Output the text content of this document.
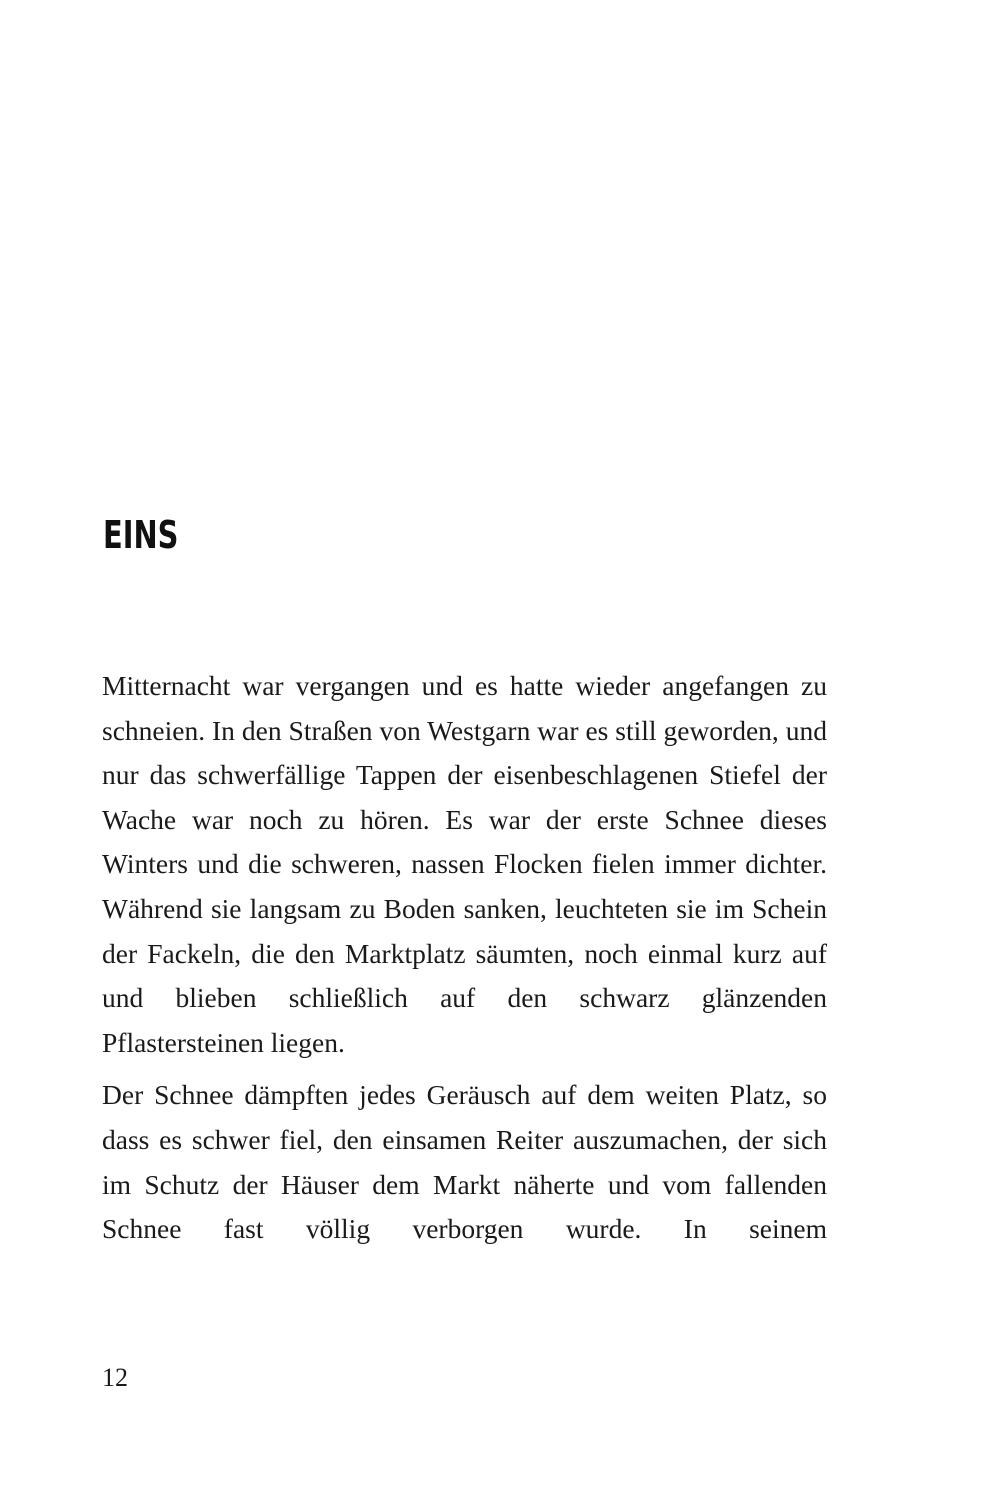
EINS

Mitternacht war vergangen und es hatte wieder angefangen zu schneien. In den Straßen von Westgarn war es still geworden, und nur das schwerfällige Tappen der eisenbeschlagenen Stiefel der Wache war noch zu hören. Es war der erste Schnee dieses Winters und die schweren, nassen Flocken fielen immer dichter. Während sie langsam zu Boden sanken, leuchteten sie im Schein der Fackeln, die den Marktplatz säumten, noch einmal kurz auf und blieben schließlich auf den schwarz glänzenden Pflastersteinen liegen.

Der Schnee dämpften jedes Geräusch auf dem weiten Platz, so dass es schwer fiel, den einsamen Reiter auszumachen, der sich im Schutz der Häuser dem Markt näherte und vom fallenden Schnee fast völlig verborgen wurde. In seinem

12
